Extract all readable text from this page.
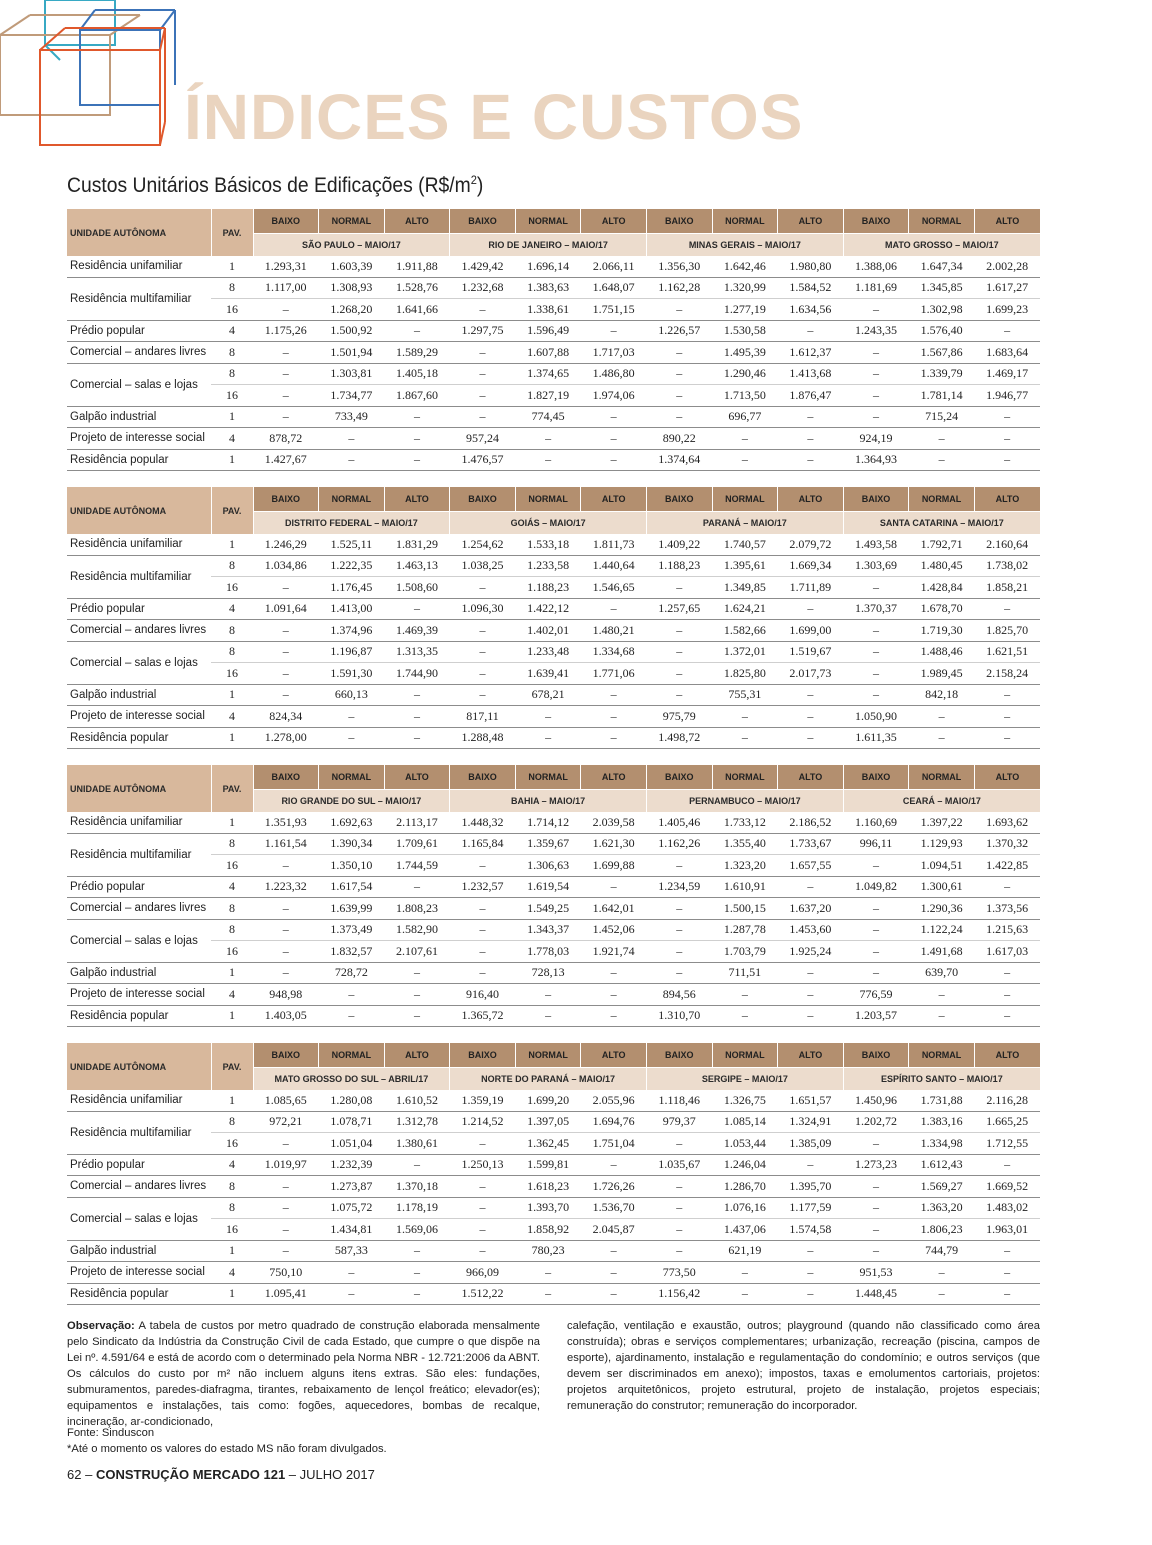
ÍNDICES E CUSTOS
Custos Unitários Básicos de Edificações $(R\$/m^2)$
UNIDADE AUTÔNOMA	PAV.	BAIXO	NORMAL	ALTO	BAIXO	NORMAL	ALTO	BAIXO	NORMAL	ALTO	BAIXO	NORMAL	ALTO
		SÃO PAULO – MAIO/17			RIO DE JANEIRO – MAIO/17			MINAS GERAIS – MAIO/17			MATO GROSSO – MAIO/17		
Residência unifamiliar	1	1.293,31	1.603,39	1.911,88	1.429,42	1.696,14	2.066,11	1.356,30	1.642,46	1.980,80	1.388,06	1.647,34	2.002,28
Residência multifamiliar	8	1.117,00	1.308,93	1.528,76	1.232,68	1.383,63	1.648,07	1.162,28	1.320,99	1.584,52	1.181,69	1.345,85	1.617,27
	16	–	1.268,20	1.641,66	–	1.338,61	1.751,15	–	1.277,19	1.634,56	–	1.302,98	1.699,23
Prédio popular	4	1.175,26	1.500,92	–	1.297,75	1.596,49	–	1.226,57	1.530,58	–	1.243,35	1.576,40	–
Comercial – andares livres	8	–	1.501,94	1.589,29	–	1.607,88	1.717,03	–	1.495,39	1.612,37	–	1.567,86	1.683,64
Comercial – salas e lojas	8	–	1.303,81	1.405,18	–	1.374,65	1.486,80	–	1.290,46	1.413,68	–	1.339,79	1.469,17
	16	–	1.734,77	1.867,60	–	1.827,19	1.974,06	–	1.713,50	1.876,47	–	1.781,14	1.946,77
Galpão industrial	1	–	733,49	–	–	774,45	–	–	696,77	–	–	715,24	–
Projeto de interesse social	4	878,72	–	–	957,24	–	–	890,22	–	–	924,19	–	–
Residência popular	1	1.427,67	–	–	1.476,57	–	–	1.374,64	–	–	1.364,93	–	–
UNIDADE AUTÔNOMA	PAV.	BAIXO	NORMAL	ALTO	BAIXO	NORMAL	ALTO	BAIXO	NORMAL	ALTO	BAIXO	NORMAL	ALTO
		DISTRITO FEDERAL – MAIO/17			GOIÁS – MAIO/17			PARANÁ – MAIO/17			SANTA CATARINA – MAIO/17		
Residência unifamiliar	1	1.246,29	1.525,11	1.831,29	1.254,62	1.533,18	1.811,73	1.409,22	1.740,57	2.079,72	1.493,58	1.792,71	2.160,64
Residência multifamiliar	8	1.034,86	1.222,35	1.463,13	1.038,25	1.233,58	1.440,64	1.188,23	1.395,61	1.669,34	1.303,69	1.480,45	1.738,02
	16	–	1.176,45	1.508,60	–	1.188,23	1.546,65	–	1.349,85	1.711,89	–	1.428,84	1.858,21
Prédio popular	4	1.091,64	1.413,00	–	1.096,30	1.422,12	–	1.257,65	1.624,21	–	1.370,37	1.678,70	–
Comercial – andares livres	8	–	1.374,96	1.469,39	–	1.402,01	1.480,21	–	1.582,66	1.699,00	–	1.719,30	1.825,70
Comercial – salas e lojas	8	–	1.196,87	1.313,35	–	1.233,48	1.334,68	–	1.372,01	1.519,67	–	1.488,46	1.621,51
	16	–	1.591,30	1.744,90	–	1.639,41	1.771,06	–	1.825,80	2.017,73	–	1.989,45	2.158,24
Galpão industrial	1	–	660,13	–	–	678,21	–	–	755,31	–	–	842,18	–
Projeto de interesse social	4	824,34	–	–	817,11	–	–	975,79	–	–	1.050,90	–	–
Residência popular	1	1.278,00	–	–	1.288,48	–	–	1.498,72	–	–	1.611,35	–	–
UNIDADE AUTÔNOMA	PAV.	BAIXO	NORMAL	ALTO	BAIXO	NORMAL	ALTO	BAIXO	NORMAL	ALTO	BAIXO	NORMAL	ALTO
		RIO GRANDE DO SUL – MAIO/17			BAHIA – MAIO/17			PERNAMBUCO – MAIO/17			CEARÁ – MAIO/17		
Residência unifamiliar	1	1.351,93	1.692,63	2.113,17	1.448,32	1.714,12	2.039,58	1.405,46	1.733,12	2.186,52	1.160,69	1.397,22	1.693,62
Residência multifamiliar	8	1.161,54	1.390,34	1.709,61	1.165,84	1.359,67	1.621,30	1.162,26	1.355,40	1.733,67	996,11	1.129,93	1.370,32
	16	–	1.350,10	1.744,59	–	1.306,63	1.699,88	–	1.323,20	1.657,55	–	1.094,51	1.422,85
Prédio popular	4	1.223,32	1.617,54	–	1.232,57	1.619,54	–	1.234,59	1.610,91	–	1.049,82	1.300,61	–
Comercial – andares livres	8	–	1.639,99	1.808,23	–	1.549,25	1.642,01	–	1.500,15	1.637,20	–	1.290,36	1.373,56
Comercial – salas e lojas	8	–	1.373,49	1.582,90	–	1.343,37	1.452,06	–	1.287,78	1.453,60	–	1.122,24	1.215,63
	16	–	1.832,57	2.107,61	–	1.778,03	1.921,74	–	1.703,79	1.925,24	–	1.491,68	1.617,03
Galpão industrial	1	–	728,72	–	–	728,13	–	–	711,51	–	–	639,70	–
Projeto de interesse social	4	948,98	–	–	916,40	–	–	894,56	–	–	776,59	–	–
Residência popular	1	1.403,05	–	–	1.365,72	–	–	1.310,70	–	–	1.203,57	–	–
UNIDADE AUTÔNOMA	PAV.	BAIXO	NORMAL	ALTO	BAIXO	NORMAL	ALTO	BAIXO	NORMAL	ALTO	BAIXO	NORMAL	ALTO
		MATO GROSSO DO SUL – ABRIL/17			NORTE DO PARANÁ – MAIO/17			SERGIPE – MAIO/17			ESPÍRITO SANTO – MAIO/17		
Residência unifamiliar	1	1.085,65	1.280,08	1.610,52	1.359,19	1.699,20	2.055,96	1.118,46	1.326,75	1.651,57	1.450,96	1.731,88	2.116,28
Residência multifamiliar	8	972,21	1.078,71	1.312,78	1.214,52	1.397,05	1.694,76	979,37	1.085,14	1.324,91	1.202,72	1.383,16	1.665,25
	16	–	1.051,04	1.380,61	–	1.362,45	1.751,04	–	1.053,44	1.385,09	–	1.334,98	1.712,55
Prédio popular	4	1.019,97	1.232,39	–	1.250,13	1.599,81	–	1.035,67	1.246,04	–	1.273,23	1.612,43	–
Comercial – andares livres	8	–	1.273,87	1.370,18	–	1.618,23	1.726,26	–	1.286,70	1.395,70	–	1.569,27	1.669,52
Comercial – salas e lojas	8	–	1.075,72	1.178,19	–	1.393,70	1.536,70	–	1.076,16	1.177,59	–	1.363,20	1.483,02
	16	–	1.434,81	1.569,06	–	1.858,92	2.045,87	–	1.437,06	1.574,58	–	1.806,23	1.963,01
Galpão industrial	1	–	587,33	–	–	780,23	–	–	621,19	–	–	744,79	–
Projeto de interesse social	4	750,10	–	–	966,09	–	–	773,50	–	–	951,53	–	–
Residência popular	1	1.095,41	–	–	1.512,22	–	–	1.156,42	–	–	1.448,45	–	–
Observação: A tabela de custos por metro quadrado de construção elaborada mensalmente pelo Sindicato da Indústria da Construção Civil de cada Estado, que cumpre o que dispõe na Lei nº. 4.591/64 e está de acordo com o determinado pela Norma NBR - 12.721:2006 da ABNT. Os cálculos do custo por m² não incluem alguns itens extras. São eles: fundações, submuramentos, paredes-diafragma, tirantes, rebaixamento de lençol freático; elevador(es); equipamentos e instalações, tais como: fogões, aquecedores, bombas de recalque, incineração, ar-condicionado,
calefação, ventilação e exaustão, outros; playground (quando não classificado como área construída); obras e serviços complementares; urbanização, recreação (piscina, campos de esporte), ajardinamento, instalação e regulamentação do condomínio; e outros serviços (que devem ser discriminados em anexo); impostos, taxas e emolumentos cartoriais, projetos: projetos arquitetônicos, projeto estrutural, projeto de instalação, projetos especiais; remuneração do construtor; remuneração do incorporador.
Fonte: Sinduscon
*Até o momento os valores do estado MS não foram divulgados.
62 – CONSTRUÇÃO MERCADO 121 – JULHO 2017
